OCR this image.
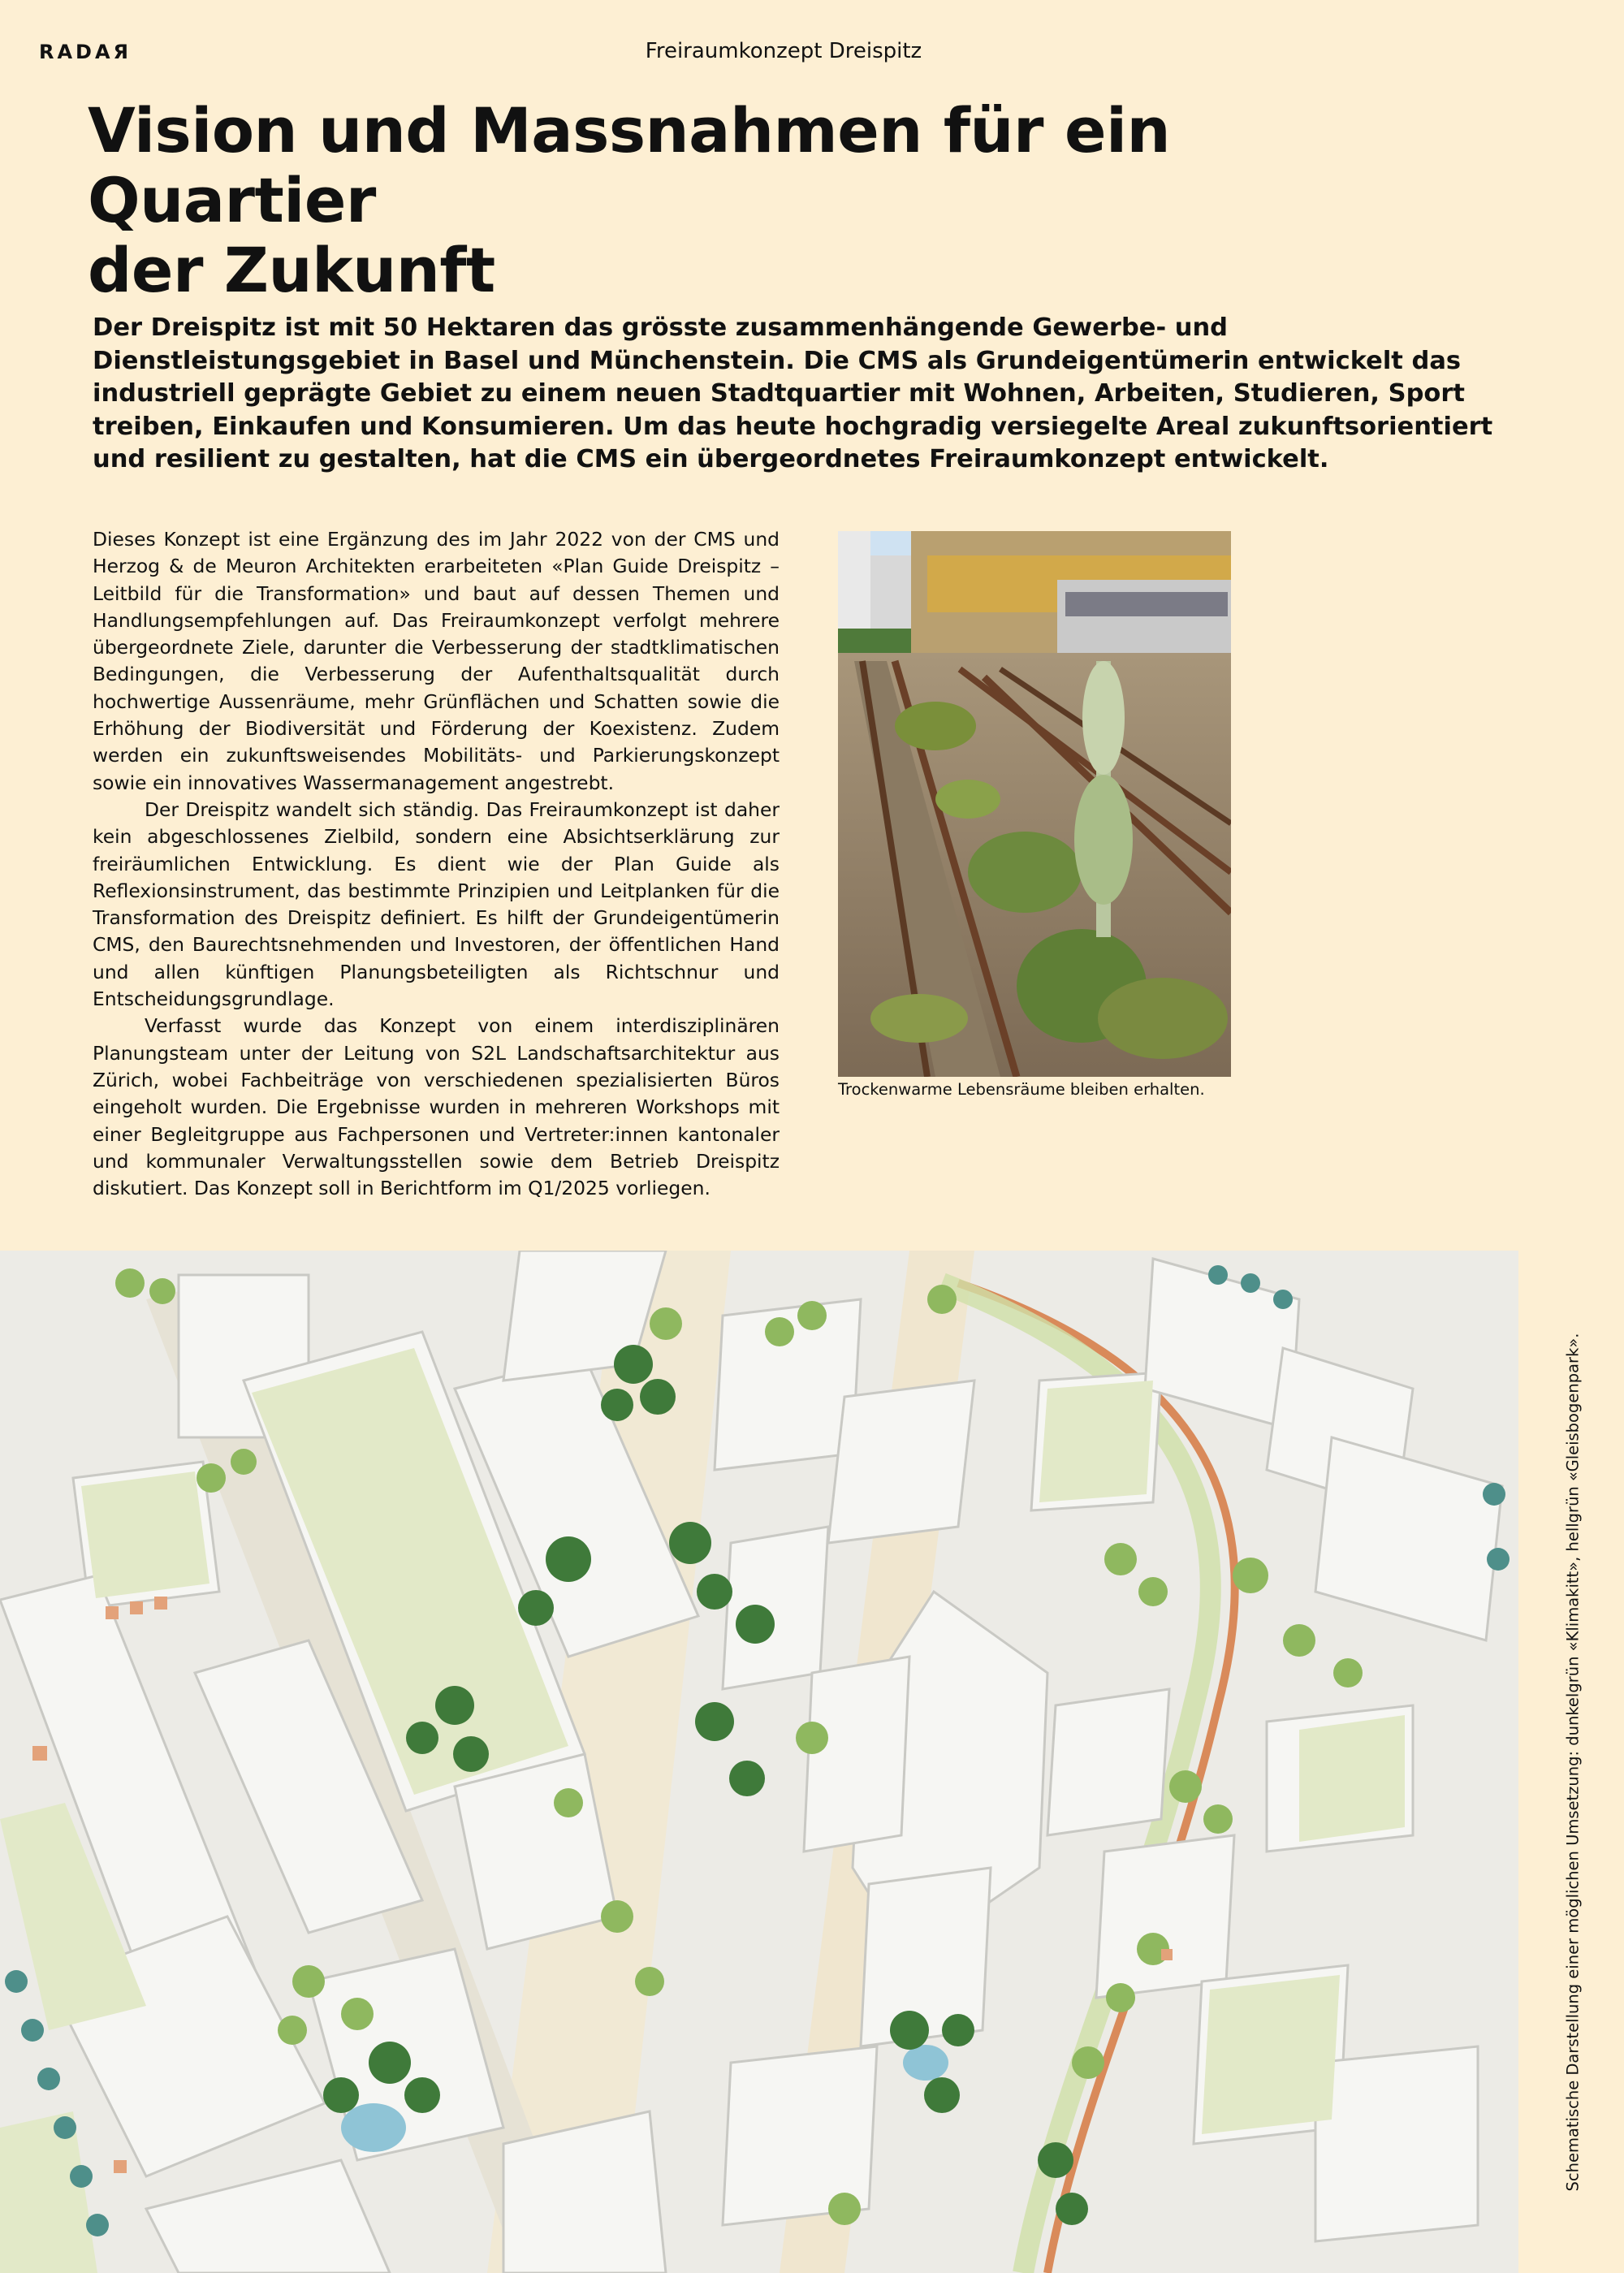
RADAЯ	Freiraumkonzept Dreispitz
Vision und Massnahmen für ein Quartier
der Zukunft

Der Dreispitz ist mit 50 Hektaren das grösste zusammenhängende Gewerbe- und Dienstleistungsgebiet in Basel und Münchenstein. Die CMS als Grundeigentümerin entwickelt das industriell geprägte Gebiet zu einem neuen Stadtquartier mit Wohnen, Arbeiten, Studieren, Sport treiben, Einkaufen und Konsumieren. Um das heute hochgradig versiegelte Areal zukunftsorientiert und resilient zu gestalten, hat die CMS ein übergeordnetes Freiraumkonzept entwickelt.

Dieses Konzept ist eine Ergänzung des im Jahr 2022 von der CMS und Herzog & de Meuron Architekten erarbeiteten «Plan Guide Dreispitz – Leitbild für die Transformation» und baut auf dessen Themen und Handlungsempfehlungen auf. Das Freiraumkonzept verfolgt mehrere übergeordnete Ziele, darunter die Verbesserung der stadtklimatischen Bedingungen, die Verbesserung der Aufenthaltsqualität durch hochwertige Aussenräume, mehr Grünflächen und Schatten sowie die Erhöhung der Biodiversität und Förderung der Koexistenz. Zudem werden ein zukunftsweisendes Mobilitäts- und Parkierungskonzept sowie ein innovatives Wassermanagement angestrebt.

Der Dreispitz wandelt sich ständig. Das Freiraumkonzept ist daher kein abgeschlossenes Zielbild, sondern eine Absichtserklärung zur freiräumlichen Entwicklung. Es dient wie der Plan Guide als Reflexionsinstrument, das bestimmte Prinzipien und Leitplanken für die Transformation des Dreispitz definiert. Es hilft der Grundeigentümerin CMS, den Baurechtsnehmenden und Investoren, der öffentlichen Hand und allen künftigen Planungsbeteiligten als Richtschnur und Entscheidungsgrundlage.

Verfasst wurde das Konzept von einem interdisziplinären Planungsteam unter der Leitung von S2L Landschaftsarchitektur aus Zürich, wobei Fachbeiträge von verschiedenen spezialisierten Büros eingeholt wurden. Die Ergebnisse wurden in mehreren Workshops mit einer Begleitgruppe aus Fachpersonen und Vertreter:innen kantonaler und kommunaler Verwaltungsstellen sowie dem Betrieb Dreispitz diskutiert. Das Konzept soll in Berichtform im Q1/2025 vorliegen.

Trockenwarme Lebensräume bleiben erhalten.
Schematische Darstellung einer möglichen Umsetzung: dunkelgrün «Klimakitt», hellgrün «Gleisbogenpark».
